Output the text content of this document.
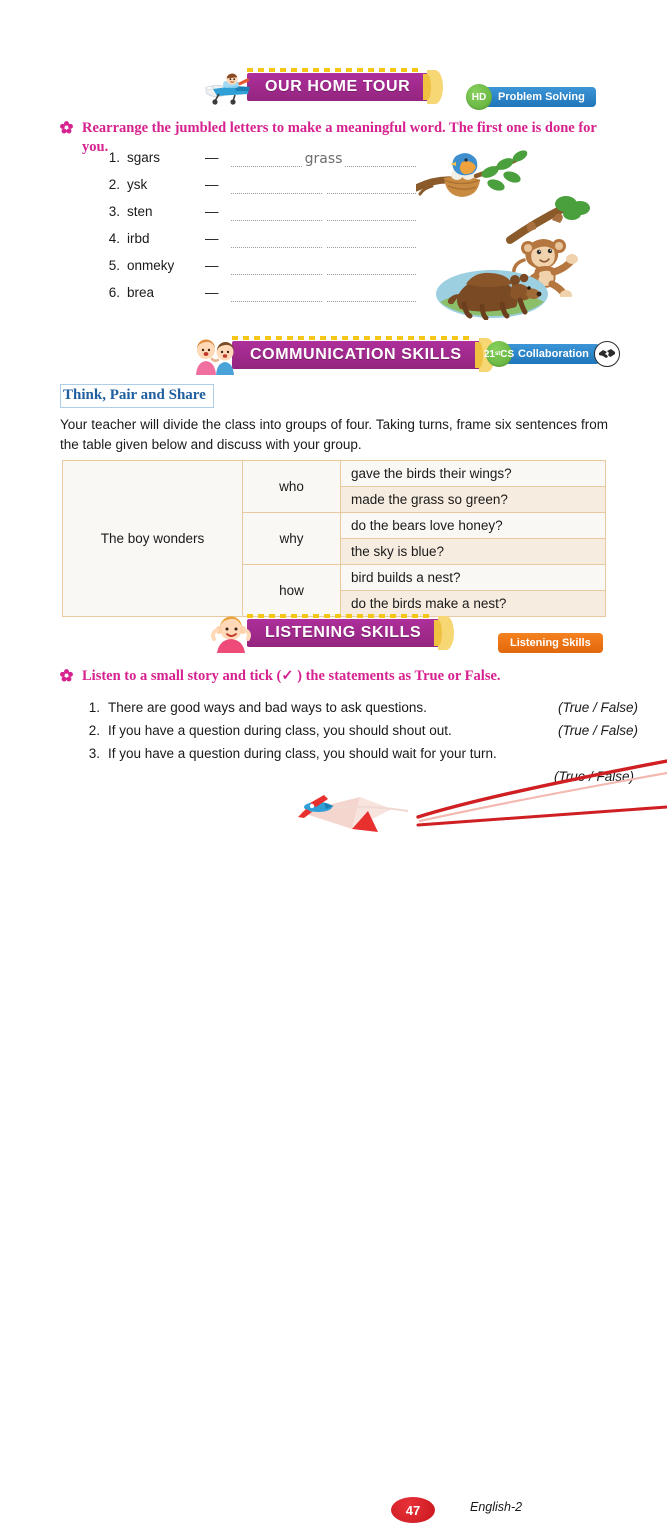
OUR HOME TOUR
HD	Problem Solving
Rearrange the jumbled letters to make a meaningful word. The first one is done for you.
1. sgars	—	grass
2. ysk	—
3. sten	—
4. irbd	—
5. onmeky	—
6. brea	—
COMMUNICATION SKILLS 21 st CS Collaboration
Think, Pair and Share
Your teacher will divide the class into groups of four. Taking turns, frame six sentences from the table given below and discuss with your group.
The boy wonders	who	gave the birds their wings?
		made the grass so green?
	why	do the bears love honey?
		the sky is blue?
	how	bird builds a nest?
		do the birds make a nest?
LISTENING SKILLS
Listening Skills
Listen to a small story and tick (✓ ) the statements as True or False.
1. There are good ways and bad ways to ask questions.	(True / False)
2. If you have a question during class, you should shout out.	(True / False)
3. If you have a question during class, you should wait for your turn.
(True / False)
47	English-2
